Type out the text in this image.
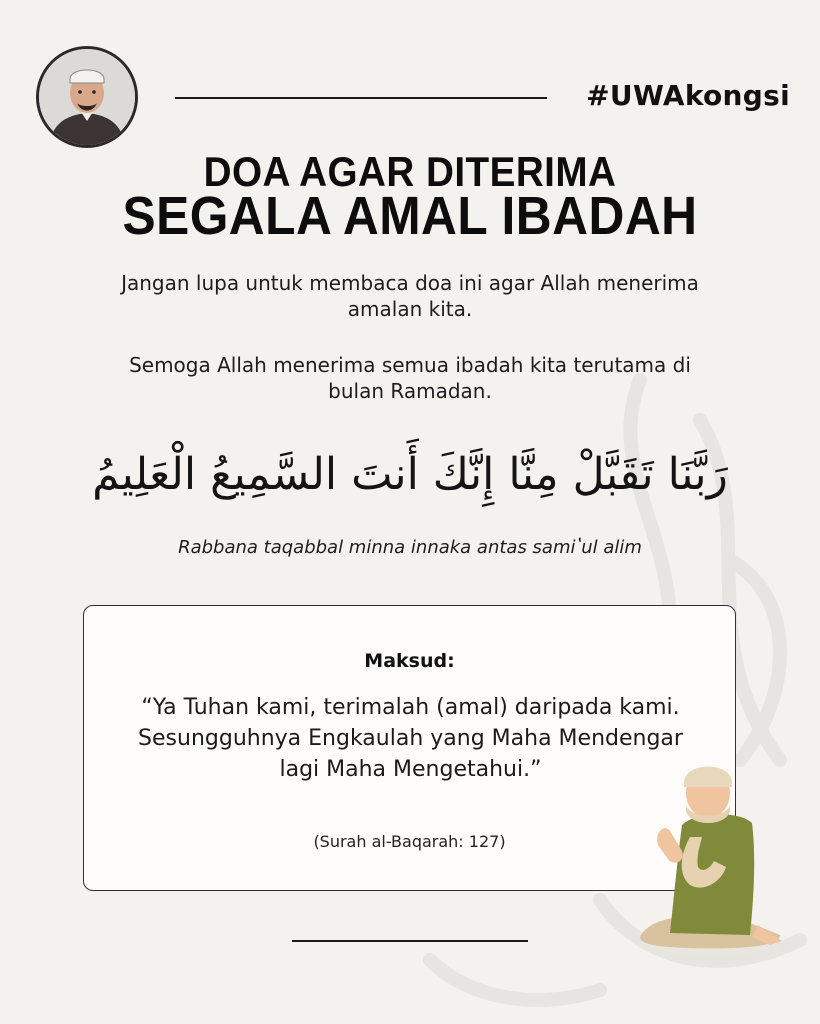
#UWAkongsi
DOA AGAR DITERIMA
SEGALA AMAL IBADAH
Jangan lupa untuk membaca doa ini agar Allah menerima amalan kita.
Semoga Allah menerima semua ibadah kita terutama di bulan Ramadan.
رَبَّنَا تَقَبَّلْ مِنَّا إِنَّكَ أَنتَ السَّمِيعُ الْعَلِيمُ
Rabbana taqabbal minna innaka antas samiʽul alim
Maksud:
“Ya Tuhan kami, terimalah (amal) daripada kami. Sesungguhnya Engkaulah yang Maha Mendengar lagi Maha Mengetahui.”
(Surah al-Baqarah: 127)
